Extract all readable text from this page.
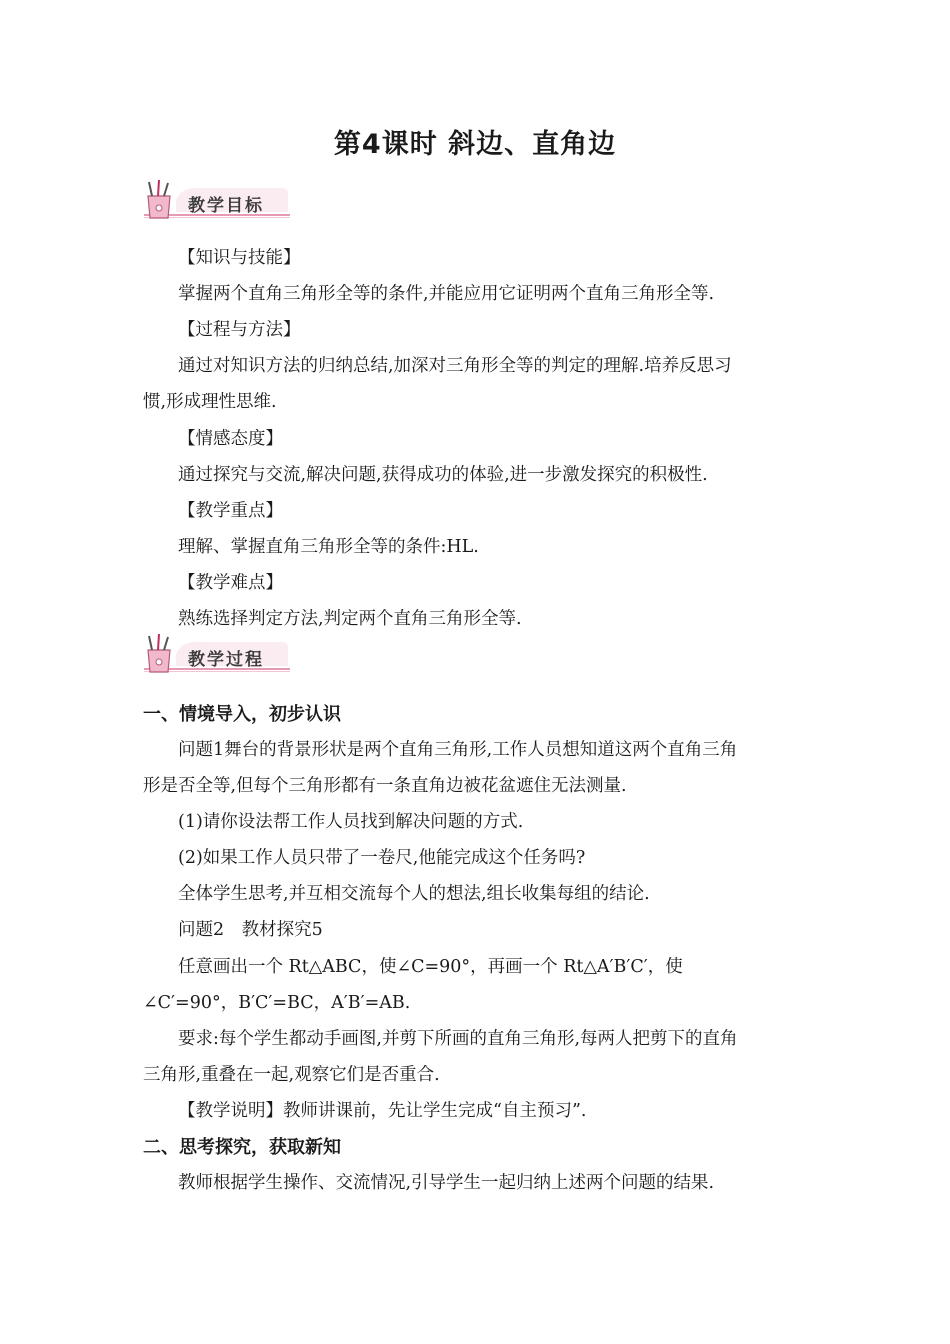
第4课时 斜边、直角边
教学目标
【知识与技能】
掌握两个直角三角形全等的条件,并能应用它证明两个直角三角形全等.
【过程与方法】
通过对知识方法的归纳总结,加深对三角形全等的判定的理解.培养反思习
惯,形成理性思维.
【情感态度】
通过探究与交流,解决问题,获得成功的体验,进一步激发探究的积极性.
【教学重点】
理解、掌握直角三角形全等的条件:HL.
【教学难点】
熟练选择判定方法,判定两个直角三角形全等.
教学过程
一、情境导入，初步认识
问题1舞台的背景形状是两个直角三角形,工作人员想知道这两个直角三角
形是否全等,但每个三角形都有一条直角边被花盆遮住无法测量.
(1)请你设法帮工作人员找到解决问题的方式.
(2)如果工作人员只带了一卷尺,他能完成这个任务吗?
全体学生思考,并互相交流每个人的想法,组长收集每组的结论.
问题2　教材探究5
任意画出一个 Rt△ABC，使∠C=90°，再画一个 Rt△A′B′C′，使
∠C′=90°，B′C′=BC，A′B′=AB.
要求:每个学生都动手画图,并剪下所画的直角三角形,每两人把剪下的直角
三角形,重叠在一起,观察它们是否重合.
【教学说明】教师讲课前，先让学生完成“自主预习”.
二、思考探究，获取新知
教师根据学生操作、交流情况,引导学生一起归纳上述两个问题的结果.
